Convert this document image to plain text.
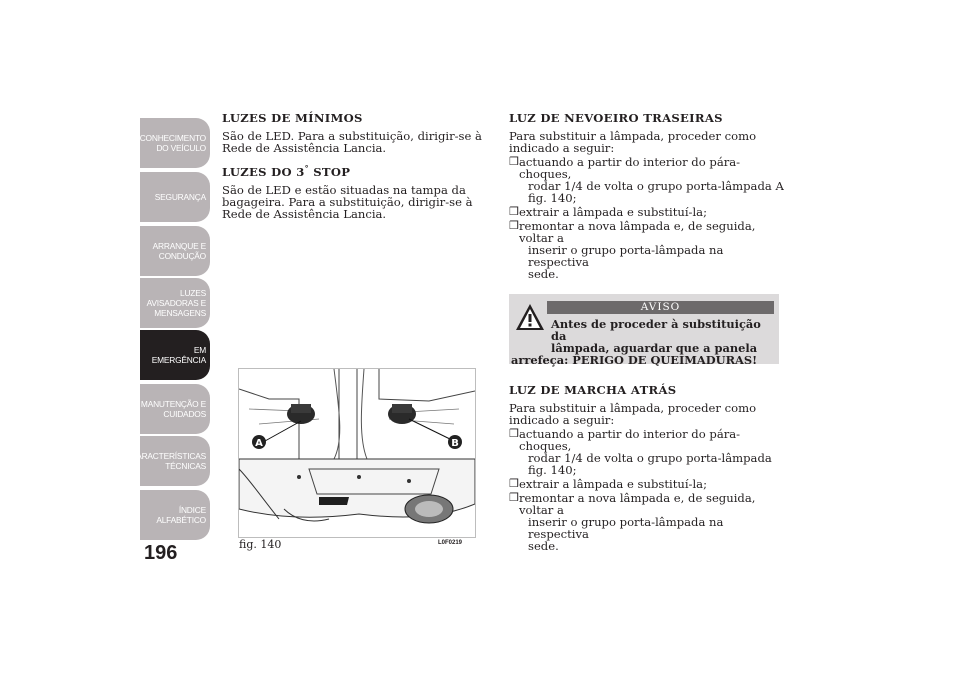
CONHECIMENTO
DO VEÍCULO
SEGURANÇA
ARRANQUE E
CONDUÇÃO
LUZES
AVISADORAS E
MENSAGENS
EM EMERGÊNCIA
MANUTENÇÃO E
CUIDADOS
CARACTERÍSTICAS
TÉCNICAS
ÍNDICE
ALFABÉTICO
196
LUZES DE MÍNIMOS

São de LED. Para a substituição, dirigir-se à Rede de Assistência Lancia.

LUZES DO 3° STOP

São de LED e estão situadas na tampa da bagageira. Para a substituição, dirigir-se à Rede de Assistência Lancia.

A	B
fig. 140	L0F0219
LUZ DE NEVOEIRO TRASEIRAS

Para substituir a lâmpada, proceder como indicado a seguir:

❒ actuando a partir do interior do pára-choques,
rodar 1/4 de volta o grupo porta-lâmpada A
fig. 140;
❒ extrair a lâmpada e substituí-la;
❒ remontar a nova lâmpada e, de seguida, voltar a
inserir o grupo porta-lâmpada na respectiva
sede.
AVISO
Antes de proceder à substituição da
lâmpada, aguardar que a panela
arrefeça: PERIGO DE QUEIMADURAS!
LUZ DE MARCHA ATRÁS

Para substituir a lâmpada, proceder como indicado a seguir:

❒ actuando a partir do interior do pára-choques,
rodar 1/4 de volta o grupo porta-lâmpada
fig. 140;
❒ extrair a lâmpada e substituí-la;
❒ remontar a nova lâmpada e, de seguida, voltar a
inserir o grupo porta-lâmpada na respectiva
sede.
